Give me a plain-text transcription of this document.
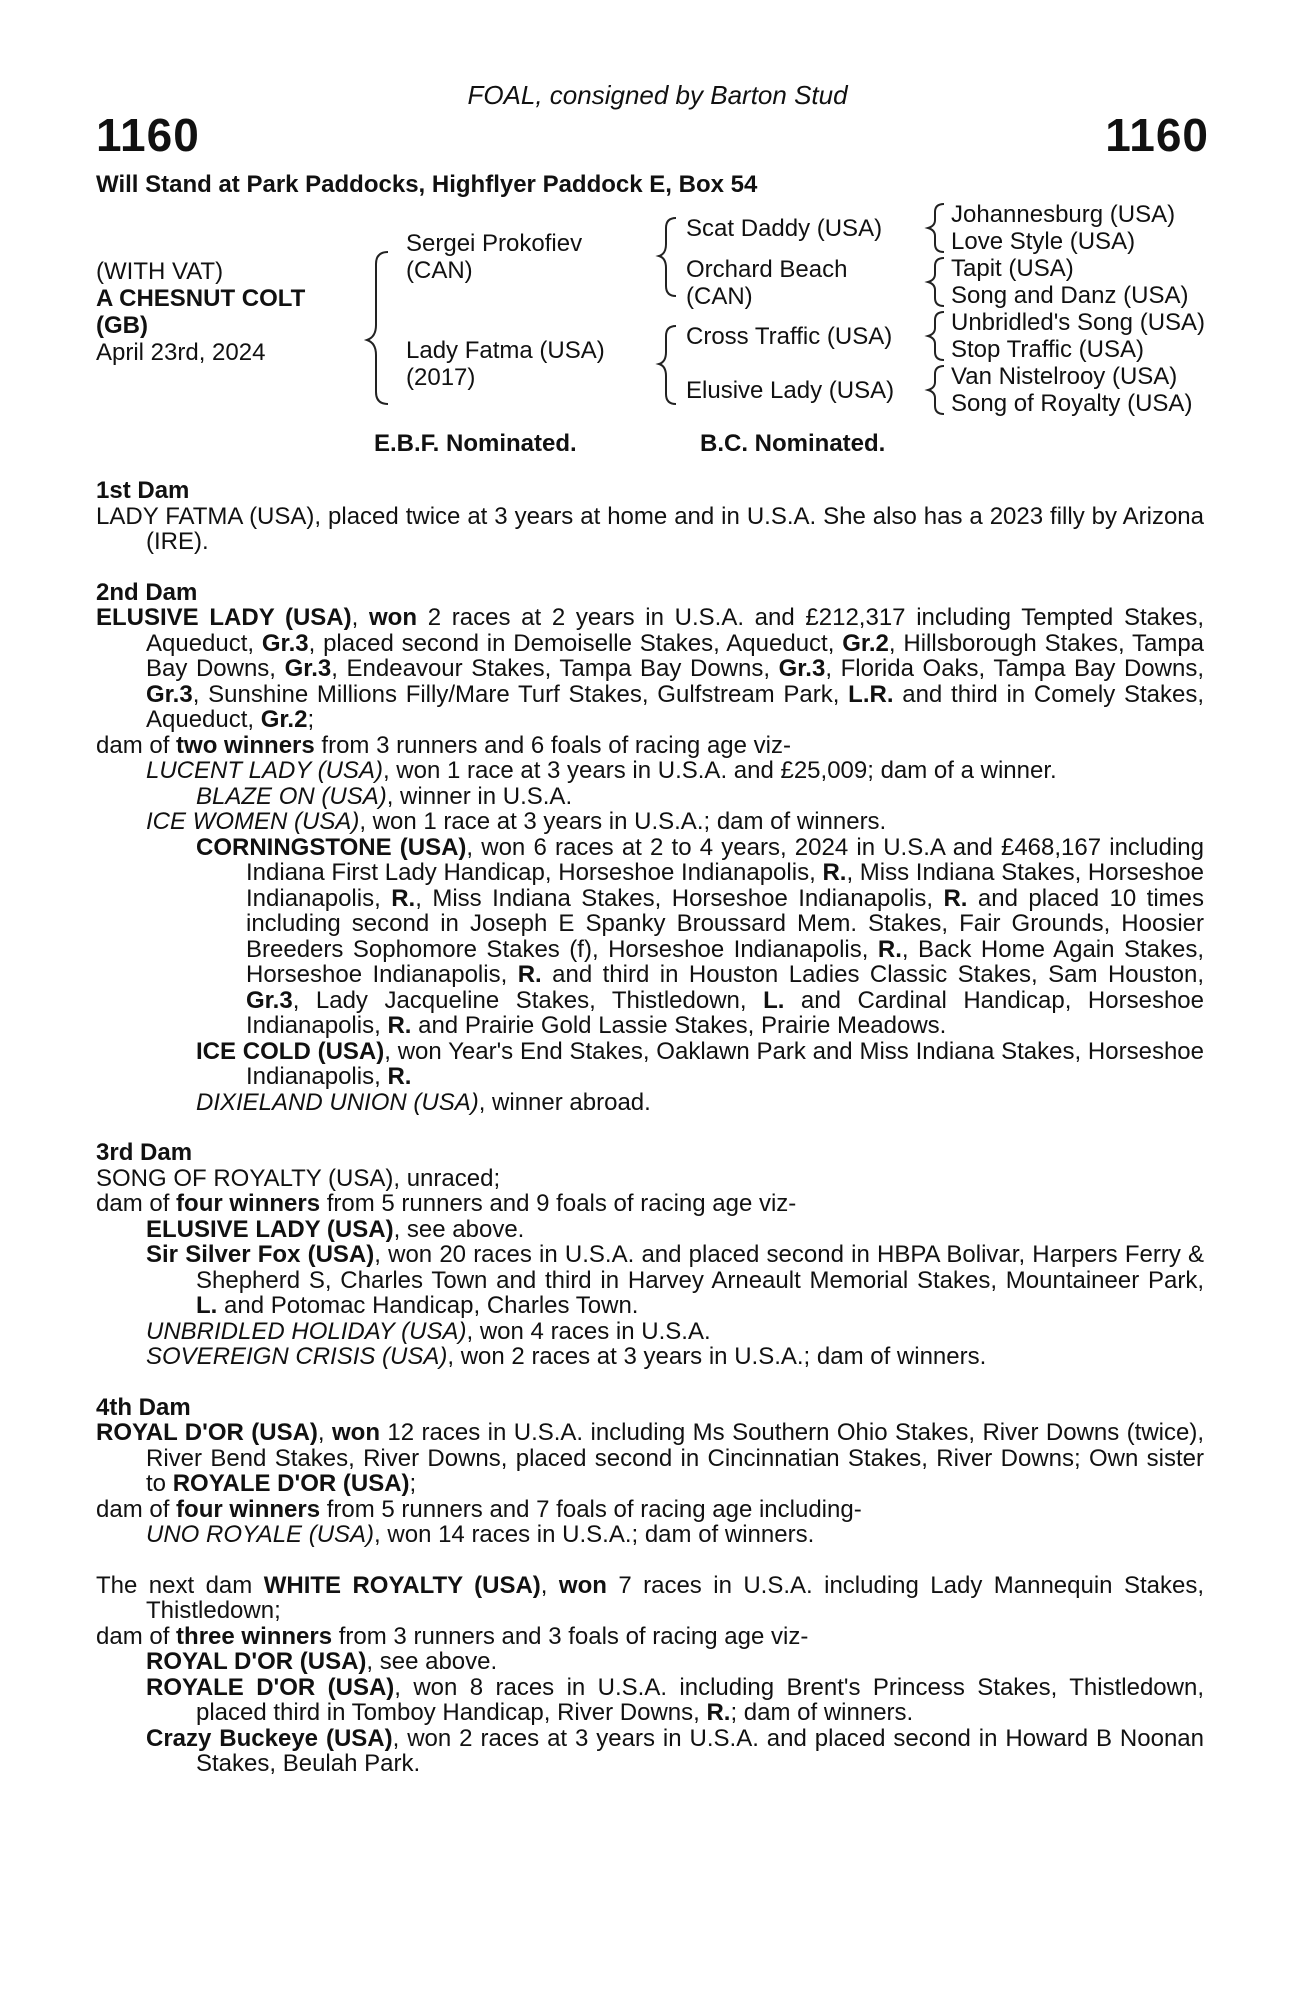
FOAL, consigned by Barton Stud
1160	1160
Will Stand at Park Paddocks, Highflyer Paddock E, Box 54
(WITH VAT)
A CHESNUT COLT
(GB)
April 23rd, 2024
Sergei Prokofiev
(CAN)
Lady Fatma (USA)
(2017)
Scat Daddy (USA)
Orchard Beach
(CAN)
Cross Traffic (USA)
Elusive Lady (USA)
Johannesburg (USA)
Love Style (USA)
Tapit (USA)
Song and Danz (USA)
Unbridled's Song (USA)
Stop Traffic (USA)
Van Nistelrooy (USA)
Song of Royalty (USA)
E.B.F. Nominated.	B.C. Nominated.
1st Dam
LADY FATMA (USA), placed twice at 3 years at home and in U.S.A. She also has a 2023 filly by Arizona (IRE).
2nd Dam
ELUSIVE LADY (USA), won 2 races at 2 years in U.S.A. and £212,317 including Tempted Stakes, Aqueduct, Gr.3, placed second in Demoiselle Stakes, Aqueduct, Gr.2, Hillsborough Stakes, Tampa Bay Downs, Gr.3, Endeavour Stakes, Tampa Bay Downs, Gr.3, Florida Oaks, Tampa Bay Downs, Gr.3, Sunshine Millions Filly/Mare Turf Stakes, Gulfstream Park, L.R. and third in Comely Stakes, Aqueduct, Gr.2;
dam of two winners from 3 runners and 6 foals of racing age viz-
LUCENT LADY (USA), won 1 race at 3 years in U.S.A. and £25,009; dam of a winner.
BLAZE ON (USA), winner in U.S.A.
ICE WOMEN (USA), won 1 race at 3 years in U.S.A.; dam of winners.
CORNINGSTONE (USA), won 6 races at 2 to 4 years, 2024 in U.S.A and £468,167 including Indiana First Lady Handicap, Horseshoe Indianapolis, R., Miss Indiana Stakes, Horseshoe Indianapolis, R., Miss Indiana Stakes, Horseshoe Indianapolis, R. and placed 10 times including second in Joseph E Spanky Broussard Mem. Stakes, Fair Grounds, Hoosier Breeders Sophomore Stakes (f), Horseshoe Indianapolis, R., Back Home Again Stakes, Horseshoe Indianapolis, R. and third in Houston Ladies Classic Stakes, Sam Houston, Gr.3, Lady Jacqueline Stakes, Thistledown, L. and Cardinal Handicap, Horseshoe Indianapolis, R. and Prairie Gold Lassie Stakes, Prairie Meadows.
ICE COLD (USA), won Year's End Stakes, Oaklawn Park and Miss Indiana Stakes, Horseshoe Indianapolis, R.
DIXIELAND UNION (USA), winner abroad.
3rd Dam
SONG OF ROYALTY (USA), unraced;
dam of four winners from 5 runners and 9 foals of racing age viz-
ELUSIVE LADY (USA), see above.
Sir Silver Fox (USA), won 20 races in U.S.A. and placed second in HBPA Bolivar, Harpers Ferry & Shepherd S, Charles Town and third in Harvey Arneault Memorial Stakes, Mountaineer Park, L. and Potomac Handicap, Charles Town.
UNBRIDLED HOLIDAY (USA), won 4 races in U.S.A.
SOVEREIGN CRISIS (USA), won 2 races at 3 years in U.S.A.; dam of winners.
4th Dam
ROYAL D'OR (USA), won 12 races in U.S.A. including Ms Southern Ohio Stakes, River Downs (twice), River Bend Stakes, River Downs, placed second in Cincinnatian Stakes, River Downs; Own sister to ROYALE D'OR (USA);
dam of four winners from 5 runners and 7 foals of racing age including-
UNO ROYALE (USA), won 14 races in U.S.A.; dam of winners.
The next dam WHITE ROYALTY (USA), won 7 races in U.S.A. including Lady Mannequin Stakes, Thistledown;
dam of three winners from 3 runners and 3 foals of racing age viz-
ROYAL D'OR (USA), see above.
ROYALE D'OR (USA), won 8 races in U.S.A. including Brent's Princess Stakes, Thistledown, placed third in Tomboy Handicap, River Downs, R.; dam of winners.
Crazy Buckeye (USA), won 2 races at 3 years in U.S.A. and placed second in Howard B Noonan Stakes, Beulah Park.
